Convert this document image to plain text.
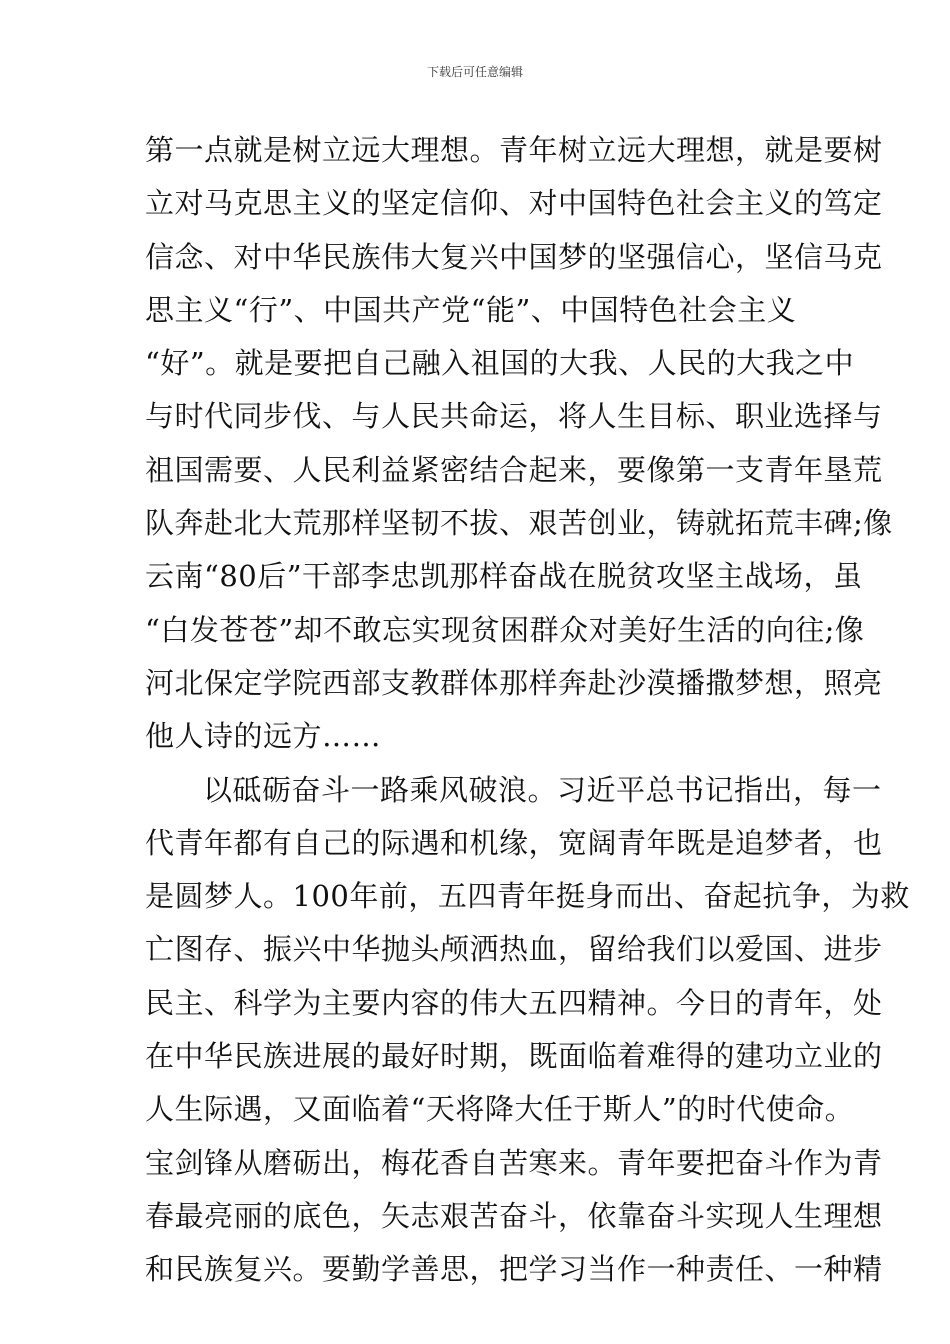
下载后可任意编辑
第一点就是树立远大理想。青年树立远大理想，就是要树
立对马克思主义的坚定信仰、对中国特色社会主义的笃定
信念、对中华民族伟大复兴中国梦的坚强信心，坚信马克
思主义“行”、中国共产党“能”、中国特色社会主义
“好”。就是要把自己融入祖国的大我、人民的大我之中
与时代同步伐、与人民共命运，将人生目标、职业选择与
祖国需要、人民利益紧密结合起来，要像第一支青年垦荒
队奔赴北大荒那样坚韧不拔、艰苦创业，铸就拓荒丰碑;像
云南“80后”干部李忠凯那样奋战在脱贫攻坚主战场，虽
“白发苍苍”却不敢忘实现贫困群众对美好生活的向往;像
河北保定学院西部支教群体那样奔赴沙漠播撒梦想，照亮
他人诗的远方……
以砥砺奋斗一路乘风破浪。习近平总书记指出，每一
代青年都有自己的际遇和机缘，宽阔青年既是追梦者，也
是圆梦人。100年前，五四青年挺身而出、奋起抗争，为救
亡图存、振兴中华抛头颅洒热血，留给我们以爱国、进步
民主、科学为主要内容的伟大五四精神。今日的青年，处
在中华民族进展的最好时期，既面临着难得的建功立业的
人生际遇，又面临着“天将降大任于斯人”的时代使命。
宝剑锋从磨砺出，梅花香自苦寒来。青年要把奋斗作为青
春最亮丽的底色，矢志艰苦奋斗，依靠奋斗实现人生理想
和民族复兴。要勤学善思，把学习当作一种责任、一种精
